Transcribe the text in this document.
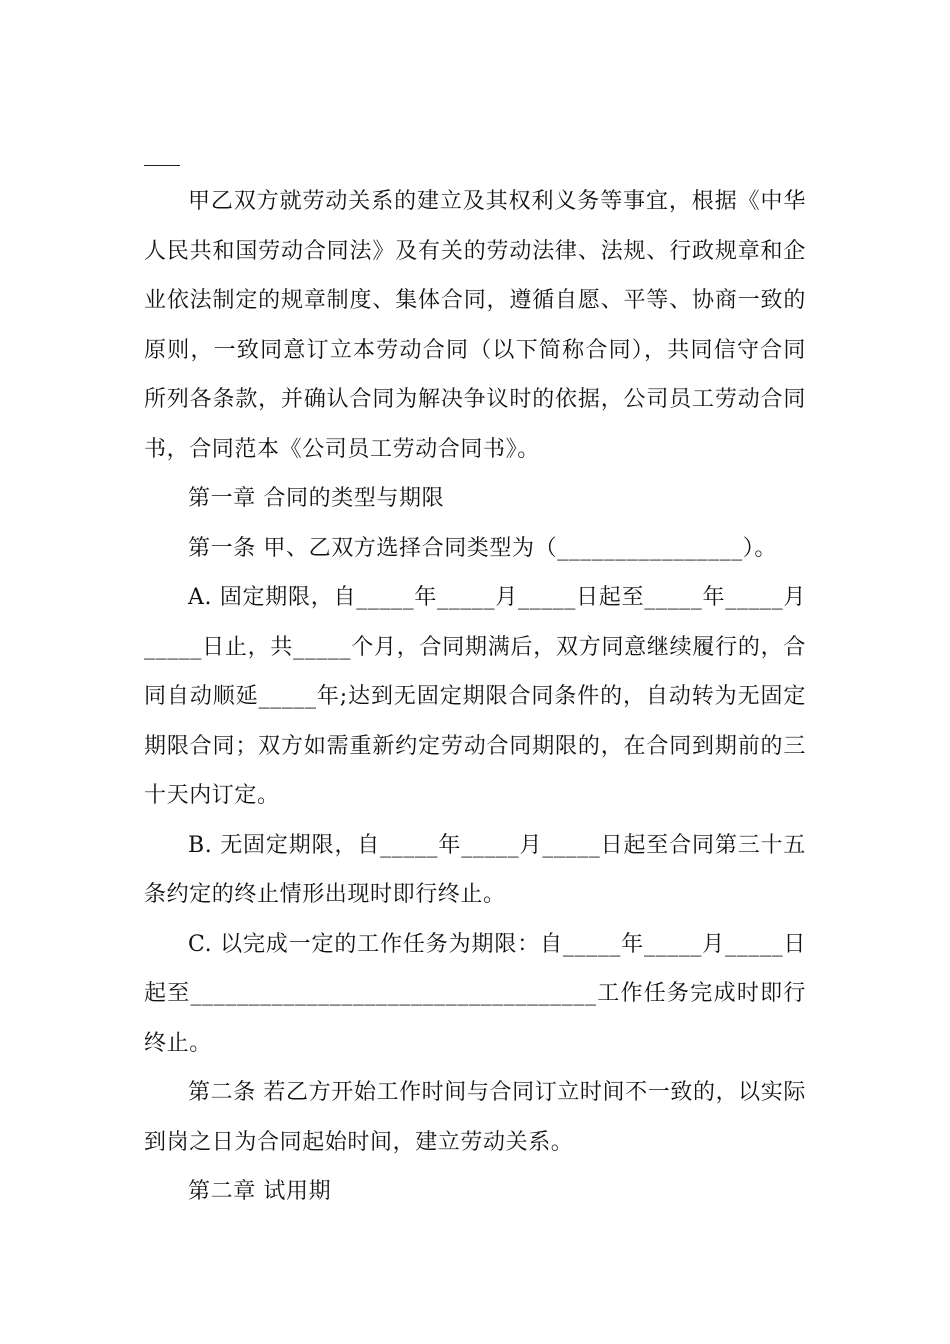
甲乙双方就劳动关系的建立及其权利义务等事宜，根据《中华人民共和国劳动合同法》及有关的劳动法律、法规、行政规章和企业依法制定的规章制度、集体合同，遵循自愿、平等、协商一致的原则，一致同意订立本劳动合同（以下简称合同），共同信守合同所列各条款，并确认合同为解决争议时的依据，公司员工劳动合同书，合同范本《公司员工劳动合同书》。

第一章 合同的类型与期限

第一条 甲、乙双方选择合同类型为（________________）。

A. 固定期限，自_____年_____月_____日起至_____年_____月_____日止，共_____个月，合同期满后，双方同意继续履行的，合同自动顺延_____年;达到无固定期限合同条件的，自动转为无固定期限合同；双方如需重新约定劳动合同期限的，在合同到期前的三十天内订定。

B. 无固定期限，自_____年_____月_____日起至合同第三十五条约定的终止情形出现时即行终止。

C. 以完成一定的工作任务为期限：自_____年_____月_____日起至___________________________________工作任务完成时即行终止。

第二条 若乙方开始工作时间与合同订立时间不一致的，以实际到岗之日为合同起始时间，建立劳动关系。

第二章 试用期
